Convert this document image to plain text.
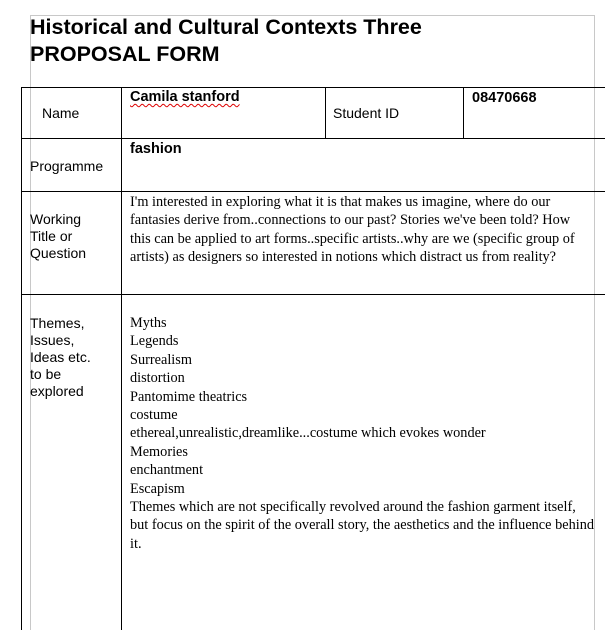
Historical and Cultural Contexts Three
PROPOSAL FORM
Name
Camila stanford
Student ID
08470668
Programme
fashion
Working
Title or
Question
I'm interested in exploring what it is that makes us imagine, where do our fantasies derive from..connections to our past? Stories we've been told? How this can be applied to art forms..specific artists..why are we (specific group of artists) as designers so interested in notions which distract us from reality?
Themes,
Issues,
Ideas etc.
to be
explored
Myths
Legends
Surrealism
distortion
Pantomime theatrics
costume
ethereal,unrealistic,dreamlike...costume which evokes wonder
Memories
enchantment
Escapism
Themes which are not specifically revolved around the fashion garment itself, but focus on the spirit of the overall story, the aesthetics and the influence behind it.
